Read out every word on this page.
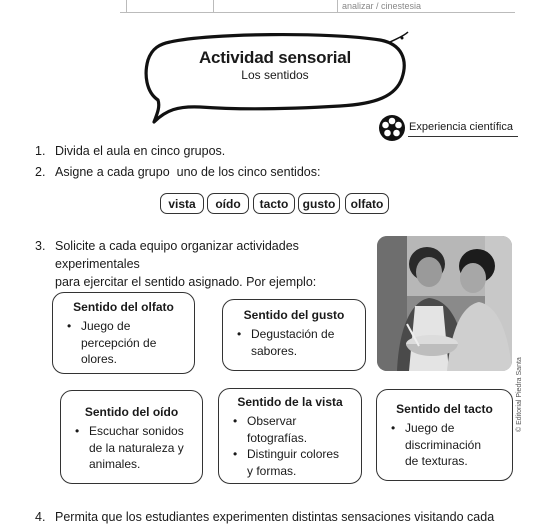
analizar / cinestesia
Actividad sensorial
Los sentidos
Experiencia científica
1. Divida el aula en cinco grupos.
2. Asigne a cada grupo  uno de los cinco sentidos:
vista	oído	tacto	gusto	olfato
3. Solicite a cada equipo organizar actividades experimentales
para ejercitar el sentido asignado. Por ejemplo:
Sentido del olfato
• Juego de
percepción de
olores.
Sentido del gusto
• Degustación de
sabores.
Sentido del oído
• Escuchar sonidos
de la naturaleza y
animales.
Sentido de la vista
• Observar
fotografías.
• Distinguir colores
y formas.
Sentido del tacto
• Juego de
discriminación
de texturas.
4. Permita que los estudiantes experimenten distintas sensaciones visitando cada
© Editorial Piedra Santa
